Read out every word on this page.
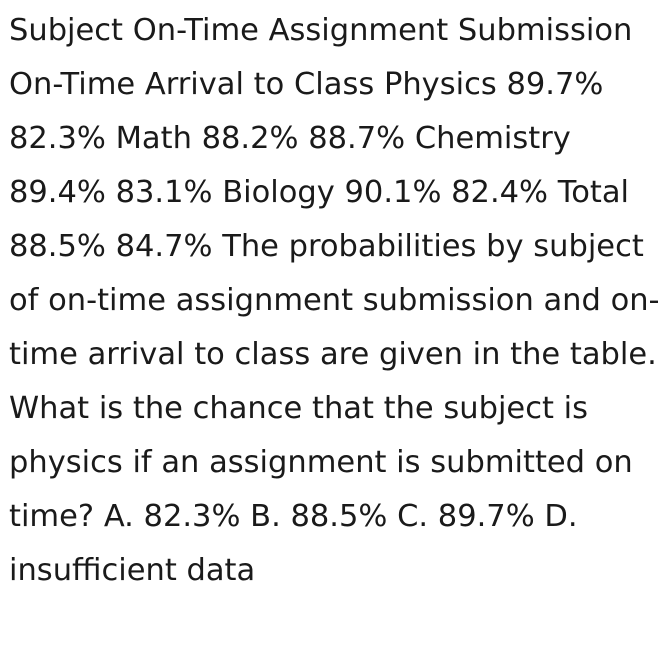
Subject On-Time Assignment Submission On-Time Arrival to Class Physics 89.7% 82.3% Math 88.2% 88.7% Chemistry 89.4% 83.1% Biology 90.1% 82.4% Total 88.5% 84.7% The probabilities by subject of on-time assignment submission and on-time arrival to class are given in the table. What is the chance that the subject is physics if an assignment is submitted on time? A. 82.3% B. 88.5% C. 89.7% D. insufficient data
